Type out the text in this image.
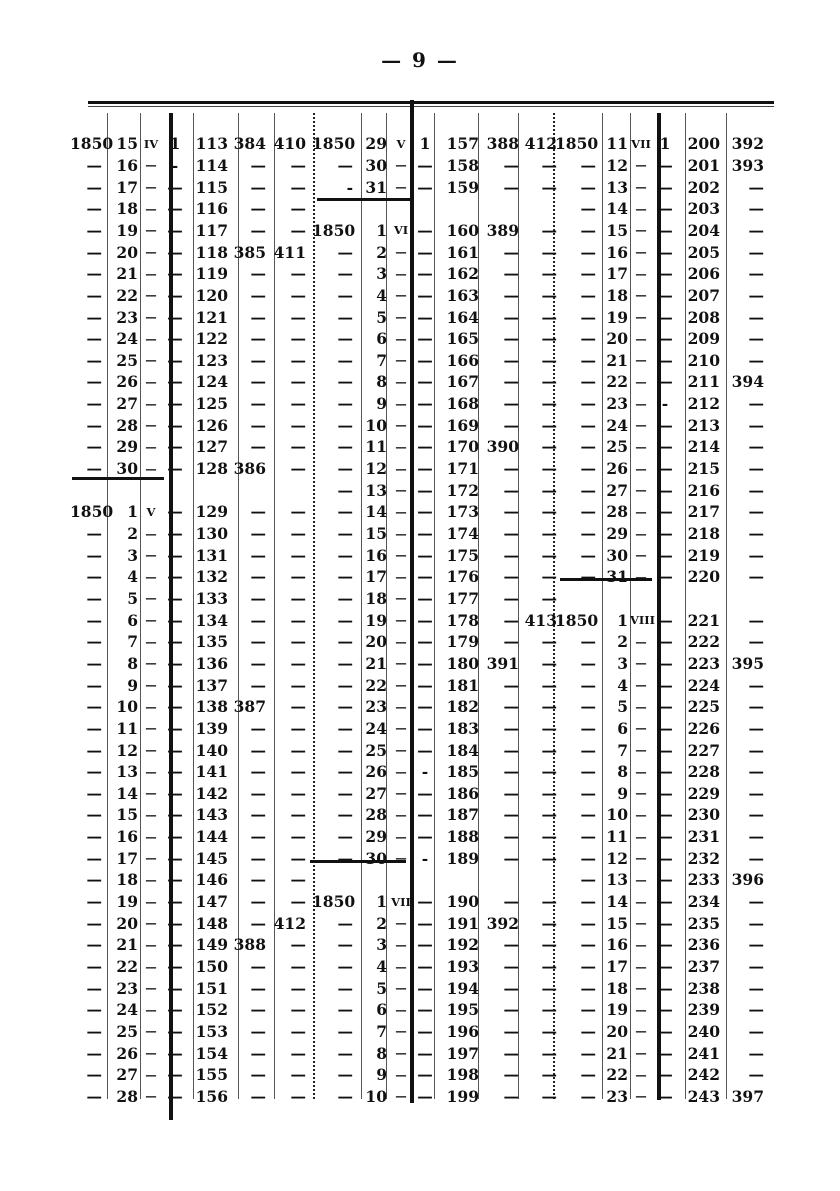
— 9 —
1850 15 IV 1 113 384 410
— 16 — -	114	—	—
— 17 — — 115	—	—
— 18 — — 116	—	—
— 19 — — 117	—	—
— 20 — — 118 385 411
— 21 — — 119	—	—
— 22 — — 120	—	—
— 23 — — 121	—	—
— 24 — — 122	—	—
— 25 — — 123	—	—
— 26 — — 124	—	—
— 27 — — 125	—	—
— 28 — — 126	—	—
— 29 — — 127	—	—
— 30 — — 128 386	—
1850 1 V — 129	—	—
—	2 — — 130	—	—
—	3 — — 131	—	—
—	4 — — 132	—	—
—	5 — — 133	—	—
—	6 — — 134	—	—
—	7 — — 135	—	—
—	8 — — 136	—	—
—	9 — — 137	—	—
— 10 — — 138 387	—
— 11 — — 139	—	—
— 12 — — 140	—	—
— 13 — — 141	—	—
— 14 — — 142	—	—
— 15 — — 143	—	—
— 16 — — 144	—	—
— 17 — — 145	—	—
— 18 — — 146	—	—
— 19 — — 147	—	—
— 20 — — 148	— 412
— 21 — — 149 388	—
— 22 — — 150	—	—
— 23 — — 151	—	—
— 24 — — 152	—	—
— 25 — — 153	—	—
— 26 — — 154	—	—
— 27 — — 155	—	—
— 28 — — 156	—	—
1850 29 V 1	157 388 412
— 30 — — 158	—	—
- 31 — — 159	—	—
1850	1 VI — 160 389	—
—	2 — — 161	—	—
—	3 — — 162	—	—
—	4 — — 163	—	—
—	5 — — 164	—	—
—	6 — — 165	—	—
—	7 — — 166	—	—
—	8 — — 167	—	—
—	9 — — 168	—	—
— 10 — — 169	—	—
— 11 — — 170 390	—
— 12 — — 171	—	—
— 13 — — 172	—	—
— 14 — — 173	—	—
— 15 — — 174	—	—
— 16 — — 175	—	—
— 17 — — 176	—	—
— 18 — — 177	—	—
— 19 — — 178	— 413
— 20 — — 179	—	—
— 21 — — 180 391	—
— 22 — — 181	—	—
— 23 — — 182	—	—
— 24 — — 183	—	—
— 25 — — 184	—	—
— 26 — -	185	—	—
— 27 — — 186	—	—
— 28 — — 187	—	—
— 29 — — 188	—	—
— 30 — -	189	—	—
1850	1 VII — 190	—	—
—	2 — — 191 392	—
—	3 — — 192	—	—
—	4 — — 193	—	—
—	5 — — 194	—	—
—	6 — — 195	—	—
—	7 — — 196	—	—
—	8 — — 197	—	—
—	9 — — 198	—	—
— 10 — — 199	—	—
1850 11 VII 1	200 392
— 12 — — 201 393
— 13 — — 202	—
— 14 — — 203	—
— 15 — — 204	—
— 16 — — 205	—
— 17 — — 206	—
— 18 — — 207	—
— 19 — — 208	—
— 20 — — 209	—
— 21 — — 210	—
— 22 — — 211 394
— 23 — -	212	—
— 24 — — 213	—
— 25 — — 214	—
— 26 — — 215	—
— 27 — — 216	—
— 28 — — 217	—
— 29 — — 218	—
— 30 — — 219	—
— 31 — — 220	—
1850	1 VIII — 221	—
—	2 — — 222	—
—	3 — — 223 395
—	4 — — 224	—
—	5 — — 225	—
—	6 — — 226	—
—	7 — — 227	—
—	8 — — 228	—
—	9 — — 229	—
— 10 — — 230	—
— 11 — — 231	—
— 12 — — 232	—
— 13 — — 233 396
— 14 — — 234	—
— 15 — — 235	—
— 16 — — 236	—
— 17 — — 237	—
— 18 — — 238	—
— 19 — — 239	—
— 20 — — 240	—
— 21 — — 241	—
— 22 — — 242	—
— 23 — — 243 397
